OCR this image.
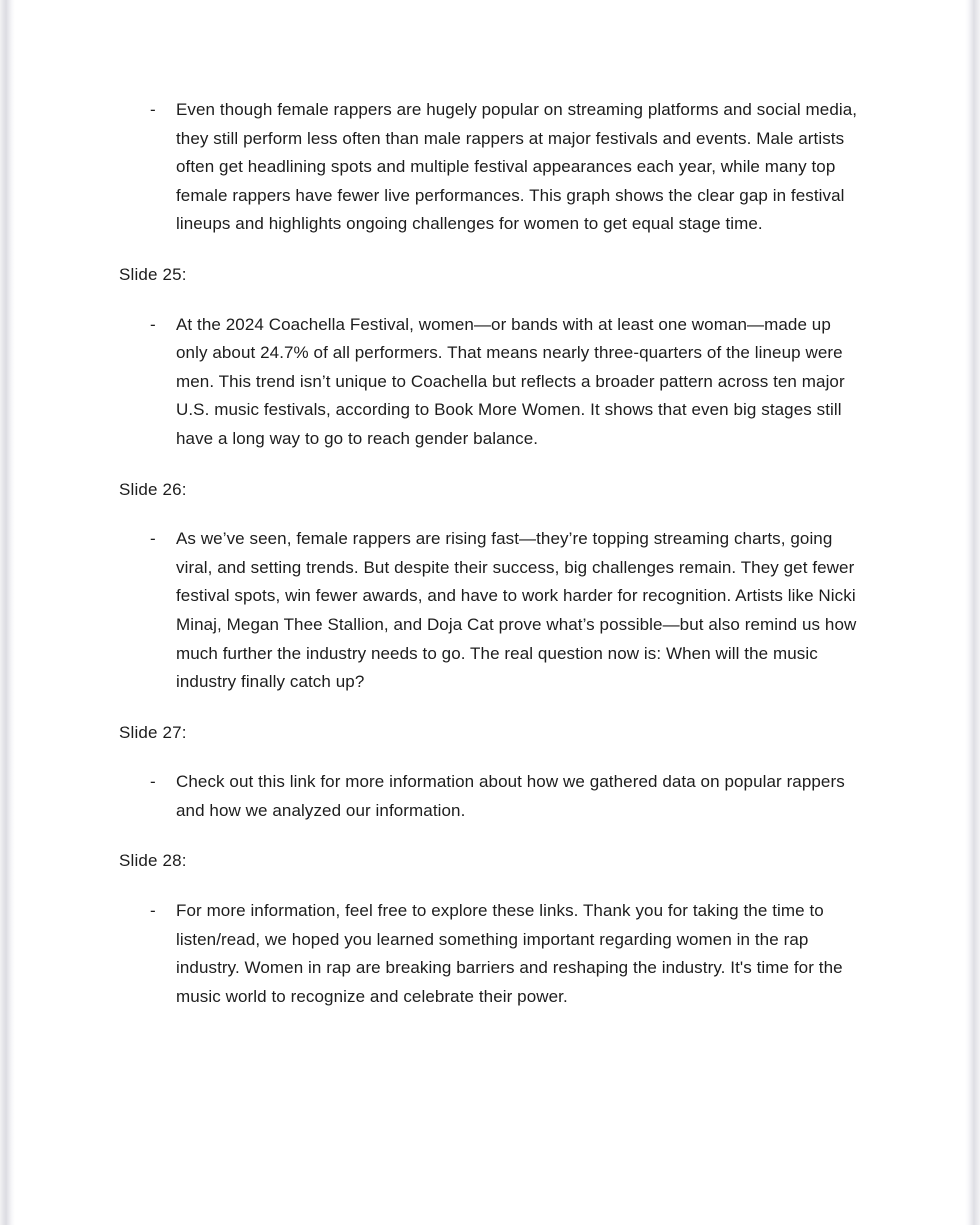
-	Even though female rappers are hugely popular on streaming platforms and social media, they still perform less often than male rappers at major festivals and events. Male artists often get headlining spots and multiple festival appearances each year, while many top female rappers have fewer live performances. This graph shows the clear gap in festival lineups and highlights ongoing challenges for women to get equal stage time.

Slide 25:

-	At the 2024 Coachella Festival, women—or bands with at least one woman—made up only about 24.7% of all performers. That means nearly three-quarters of the lineup were men. This trend isn’t unique to Coachella but reflects a broader pattern across ten major U.S. music festivals, according to Book More Women. It shows that even big stages still have a long way to go to reach gender balance.

Slide 26:

-	As we’ve seen, female rappers are rising fast—they’re topping streaming charts, going viral, and setting trends. But despite their success, big challenges remain. They get fewer festival spots, win fewer awards, and have to work harder for recognition. Artists like Nicki Minaj, Megan Thee Stallion, and Doja Cat prove what’s possible—but also remind us how much further the industry needs to go. The real question now is: When will the music industry finally catch up?

Slide 27:

-	Check out this link for more information about how we gathered data on popular rappers and how we analyzed our information.

Slide 28:

-	For more information, feel free to explore these links. Thank you for taking the time to listen/read, we hoped you learned something important regarding women in the rap industry. Women in rap are breaking barriers and reshaping the industry. It's time for the music world to recognize and celebrate their power.
